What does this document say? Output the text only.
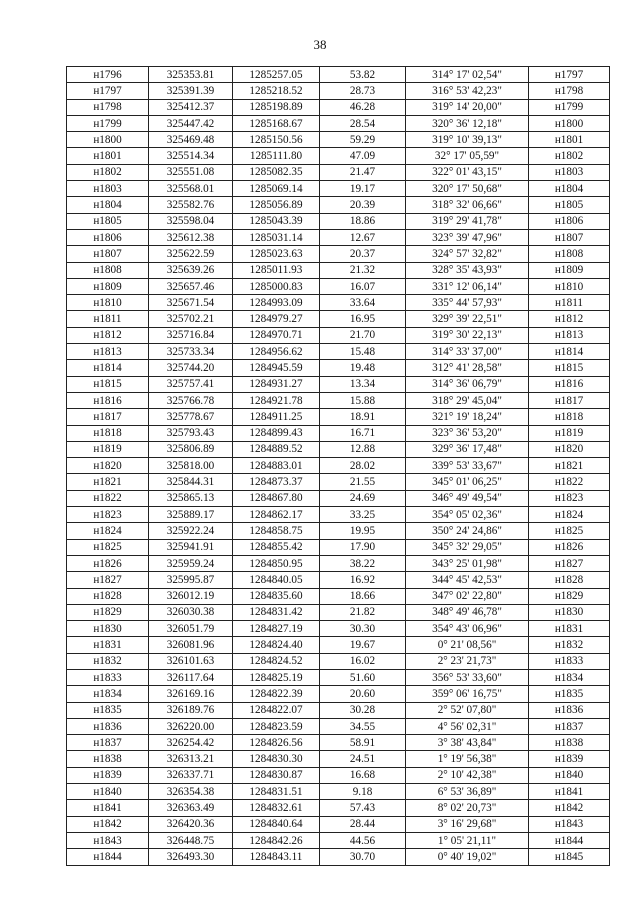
38
н1796	325353.81	1285257.05	53.82	314° 17' 02,54"	н1797
н1797	325391.39	1285218.52	28.73	316° 53' 42,23"	н1798
н1798	325412.37	1285198.89	46.28	319° 14' 20,00"	н1799
н1799	325447.42	1285168.67	28.54	320° 36' 12,18"	н1800
н1800	325469.48	1285150.56	59.29	319° 10' 39,13"	н1801
н1801	325514.34	1285111.80	47.09	32° 17' 05,59"	н1802
н1802	325551.08	1285082.35	21.47	322° 01' 43,15"	н1803
н1803	325568.01	1285069.14	19.17	320° 17' 50,68"	н1804
н1804	325582.76	1285056.89	20.39	318° 32' 06,66"	н1805
н1805	325598.04	1285043.39	18.86	319° 29' 41,78"	н1806
н1806	325612.38	1285031.14	12.67	323° 39' 47,96"	н1807
н1807	325622.59	1285023.63	20.37	324° 57' 32,82"	н1808
н1808	325639.26	1285011.93	21.32	328° 35' 43,93"	н1809
н1809	325657.46	1285000.83	16.07	331° 12' 06,14"	н1810
н1810	325671.54	1284993.09	33.64	335° 44' 57,93"	н1811
н1811	325702.21	1284979.27	16.95	329° 39' 22,51"	н1812
н1812	325716.84	1284970.71	21.70	319° 30' 22,13"	н1813
н1813	325733.34	1284956.62	15.48	314° 33' 37,00"	н1814
н1814	325744.20	1284945.59	19.48	312° 41' 28,58"	н1815
н1815	325757.41	1284931.27	13.34	314° 36' 06,79"	н1816
н1816	325766.78	1284921.78	15.88	318° 29' 45,04"	н1817
н1817	325778.67	1284911.25	18.91	321° 19' 18,24"	н1818
н1818	325793.43	1284899.43	16.71	323° 36' 53,20"	н1819
н1819	325806.89	1284889.52	12.88	329° 36' 17,48"	н1820
н1820	325818.00	1284883.01	28.02	339° 53' 33,67"	н1821
н1821	325844.31	1284873.37	21.55	345° 01' 06,25"	н1822
н1822	325865.13	1284867.80	24.69	346° 49' 49,54"	н1823
н1823	325889.17	1284862.17	33.25	354° 05' 02,36"	н1824
н1824	325922.24	1284858.75	19.95	350° 24' 24,86"	н1825
н1825	325941.91	1284855.42	17.90	345° 32' 29,05"	н1826
н1826	325959.24	1284850.95	38.22	343° 25' 01,98"	н1827
н1827	325995.87	1284840.05	16.92	344° 45' 42,53"	н1828
н1828	326012.19	1284835.60	18.66	347° 02' 22,80"	н1829
н1829	326030.38	1284831.42	21.82	348° 49' 46,78"	н1830
н1830	326051.79	1284827.19	30.30	354° 43' 06,96"	н1831
н1831	326081.96	1284824.40	19.67	0° 21' 08,56"	н1832
н1832	326101.63	1284824.52	16.02	2° 23' 21,73"	н1833
н1833	326117.64	1284825.19	51.60	356° 53' 33,60"	н1834
н1834	326169.16	1284822.39	20.60	359° 06' 16,75"	н1835
н1835	326189.76	1284822.07	30.28	2° 52' 07,80"	н1836
н1836	326220.00	1284823.59	34.55	4° 56' 02,31"	н1837
н1837	326254.42	1284826.56	58.91	3° 38' 43,84"	н1838
н1838	326313.21	1284830.30	24.51	1° 19' 56,38"	н1839
н1839	326337.71	1284830.87	16.68	2° 10' 42,38"	н1840
н1840	326354.38	1284831.51	9.18	6° 53' 36,89"	н1841
н1841	326363.49	1284832.61	57.43	8° 02' 20,73"	н1842
н1842	326420.36	1284840.64	28.44	3° 16' 29,68"	н1843
н1843	326448.75	1284842.26	44.56	1° 05' 21,11"	н1844
н1844	326493.30	1284843.11	30.70	0° 40' 19,02"	н1845
